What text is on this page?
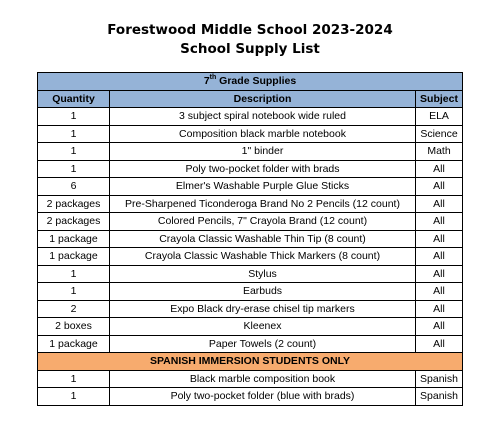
Forestwood Middle School 2023-2024
School Supply List
7th Grade Supplies		
Quantity	Description	Subject
1	3 subject spiral notebook wide ruled	ELA
1	Composition black marble notebook	Science
1	1" binder	Math
1	Poly two-pocket folder with brads	All
6	Elmer's Washable Purple Glue Sticks	All
2 packages	Pre-Sharpened Ticonderoga Brand No 2 Pencils (12 count)	All
2 packages	Colored Pencils, 7" Crayola Brand (12 count)	All
1 package	Crayola Classic Washable Thin Tip (8 count)	All
1 package	Crayola Classic Washable Thick Markers (8 count)	All
1	Stylus	All
1	Earbuds	All
2	Expo Black dry-erase chisel tip markers	All
2 boxes	Kleenex	All
1 package	Paper Towels (2 count)	All
SPANISH IMMERSION STUDENTS ONLY		
1	Black marble composition book	Spanish
1	Poly two-pocket folder (blue with brads)	Spanish
